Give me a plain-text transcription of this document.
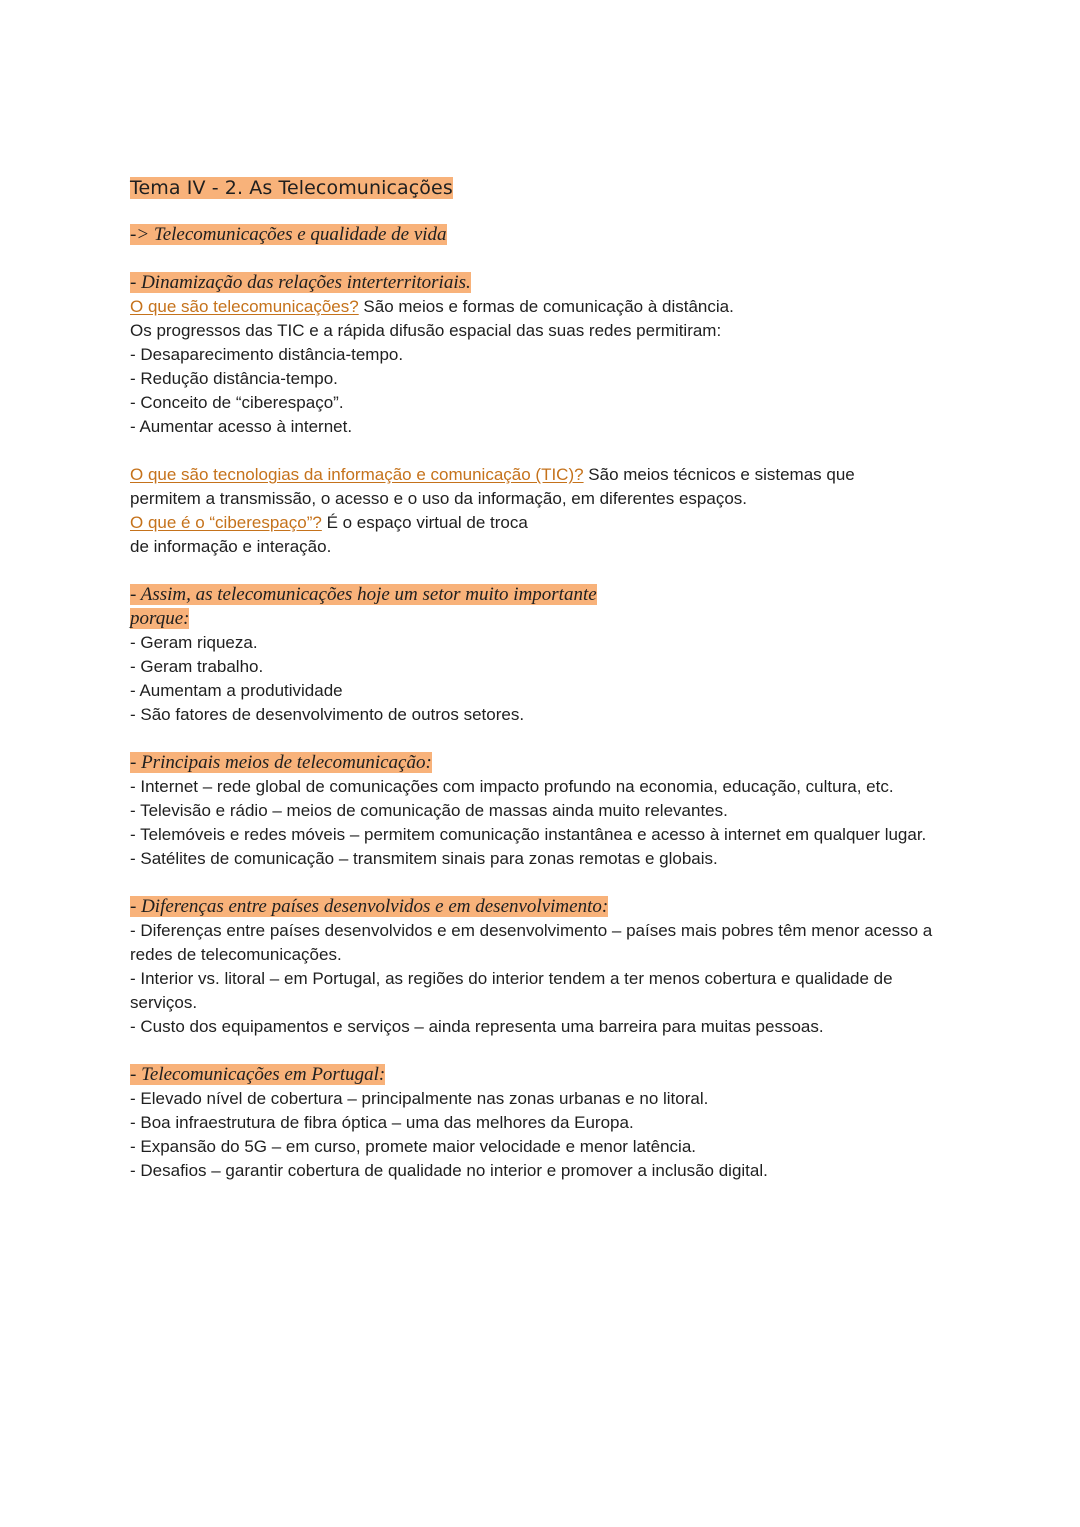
Tema IV - 2. As Telecomunicações
-> Telecomunicações e qualidade de vida
- Dinamização das relações interterritoriais.
O que são telecomunicações? São meios e formas de comunicação à distância.
Os progressos das TIC e a rápida difusão espacial das suas redes permitiram:
- Desaparecimento distância-tempo.
- Redução distância-tempo.
- Conceito de “ciberespaço”.
- Aumentar acesso à internet.
O que são tecnologias da informação e comunicação (TIC)? São meios técnicos e sistemas que
permitem a transmissão, o acesso e o uso da informação, em diferentes espaços.
O que é o “ciberespaço”? É o espaço virtual de troca
de informação e interação.
- Assim, as telecomunicações hoje um setor muito importante
porque:
- Geram riqueza.
- Geram trabalho.
- Aumentam a produtividade
- São fatores de desenvolvimento de outros setores.
- Principais meios de telecomunicação:
- Internet – rede global de comunicações com impacto profundo na economia, educação, cultura, etc.
- Televisão e rádio – meios de comunicação de massas ainda muito relevantes.
- Telemóveis e redes móveis – permitem comunicação instantânea e acesso à internet em qualquer lugar.
- Satélites de comunicação – transmitem sinais para zonas remotas e globais.
- Diferenças entre países desenvolvidos e em desenvolvimento:
- Diferenças entre países desenvolvidos e em desenvolvimento – países mais pobres têm menor acesso a redes de telecomunicações.
- Interior vs. litoral – em Portugal, as regiões do interior tendem a ter menos cobertura e qualidade de serviços.
- Custo dos equipamentos e serviços – ainda representa uma barreira para muitas pessoas.
- Telecomunicações em Portugal:
- Elevado nível de cobertura – principalmente nas zonas urbanas e no litoral.
- Boa infraestrutura de fibra óptica – uma das melhores da Europa.
- Expansão do 5G – em curso, promete maior velocidade e menor latência.
- Desafios – garantir cobertura de qualidade no interior e promover a inclusão digital.
